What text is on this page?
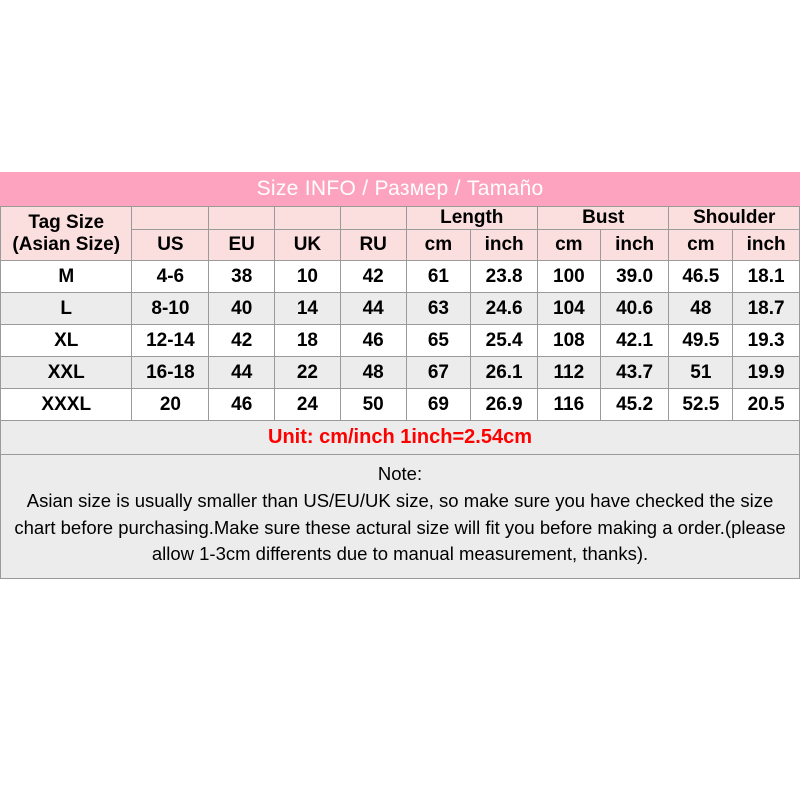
Size INFO / Размер / Tamaño
Tag Size (Asian Size)					Length		Bust		Shoulder	
	US	EU	UK	RU	cm	inch	cm	inch	cm	inch
M	4-6	38	10	42	61	23.8	100	39.0	46.5	18.1
L	8-10	40	14	44	63	24.6	104	40.6	48	18.7
XL	12-14	42	18	46	65	25.4	108	42.1	49.5	19.3
XXL	16-18	44	22	48	67	26.1	112	43.7	51	19.9
XXXL	20	46	24	50	69	26.9	116	45.2	52.5	20.5
Unit: cm/inch 1inch=2.54cm
Note:
Asian size is usually smaller than US/EU/UK size, so make sure you have checked the size chart before purchasing.Make sure these actural size will fit you before making a order.(please allow 1-3cm differents due to manual measurement, thanks).
